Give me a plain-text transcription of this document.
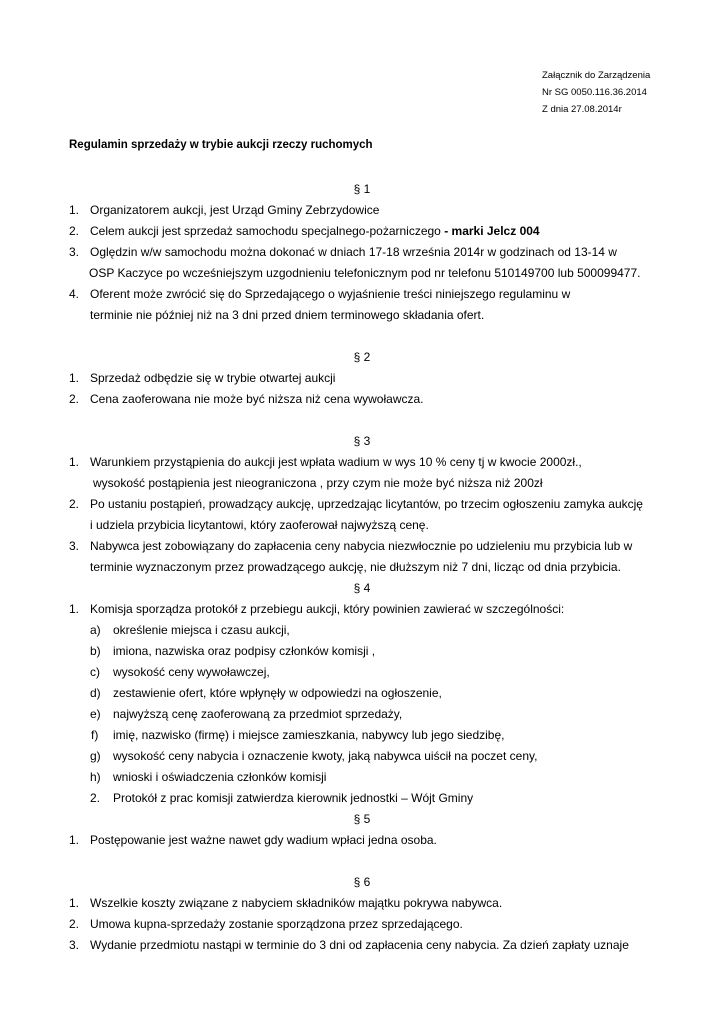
Załącznik do Zarządzenia
Nr SG 0050.116.36.2014
Z dnia 27.08.2014r
Regulamin sprzedaży w trybie aukcji rzeczy ruchomych
§ 1
1. Organizatorem aukcji, jest Urząd Gminy Zebrzydowice
2. Celem aukcji jest sprzedaż samochodu specjalnego-pożarniczego - marki Jelcz 004
3. Oględzin w/w samochodu można dokonać w dniach 17-18 września 2014r w godzinach od 13-14 w
OSP Kaczyce po wcześniejszym uzgodnieniu telefonicznym pod nr telefonu 510149700 lub 500099477.
4. Oferent może zwrócić się do Sprzedającego o wyjaśnienie treści niniejszego regulaminu w
terminie nie później niż na 3 dni przed dniem terminowego składania ofert.
§ 2
1. Sprzedaż odbędzie się w trybie otwartej aukcji
2. Cena zaoferowana nie może być niższa niż cena wywoławcza.
§ 3
1. Warunkiem przystąpienia do aukcji jest wpłata wadium w wys 10 % ceny tj w kwocie 2000zł.,
wysokość postąpienia jest nieograniczona , przy czym nie może być niższa niż 200zł
2. Po ustaniu postąpień, prowadzący aukcję, uprzedzając licytantów, po trzecim ogłoszeniu zamyka aukcję
i udziela przybicia licytantowi, który zaoferował najwyższą cenę.
3. Nabywca jest zobowiązany do zapłacenia ceny nabycia niezwłocznie po udzieleniu mu przybicia lub w
terminie wyznaczonym przez prowadzącego aukcję, nie dłuższym niż 7 dni, licząc od dnia przybicia.
§ 4
1. Komisja sporządza protokół z przebiegu aukcji, który powinien zawierać w szczególności:
a) określenie miejsca i czasu aukcji,
b) imiona, nazwiska oraz podpisy członków komisji ,
c) wysokość ceny wywoławczej,
d) zestawienie ofert, które wpłynęły w odpowiedzi na ogłoszenie,
e) najwyższą cenę zaoferowaną za przedmiot sprzedaży,
f) imię, nazwisko (firmę) i miejsce zamieszkania, nabywcy lub jego siedzibę,
g) wysokość ceny nabycia i oznaczenie kwoty, jaką nabywca uiścił na poczet ceny,
h) wnioski i oświadczenia członków komisji
2. Protokół z prac komisji zatwierdza kierownik jednostki – Wójt Gminy
§ 5
1. Postępowanie jest ważne nawet gdy wadium wpłaci jedna osoba.
§ 6
1. Wszelkie koszty związane z nabyciem składników majątku pokrywa nabywca.
2. Umowa kupna-sprzedaży zostanie sporządzona przez sprzedającego.
3. Wydanie przedmiotu nastąpi w terminie do 3 dni od zapłacenia ceny nabycia. Za dzień zapłaty uznaje
